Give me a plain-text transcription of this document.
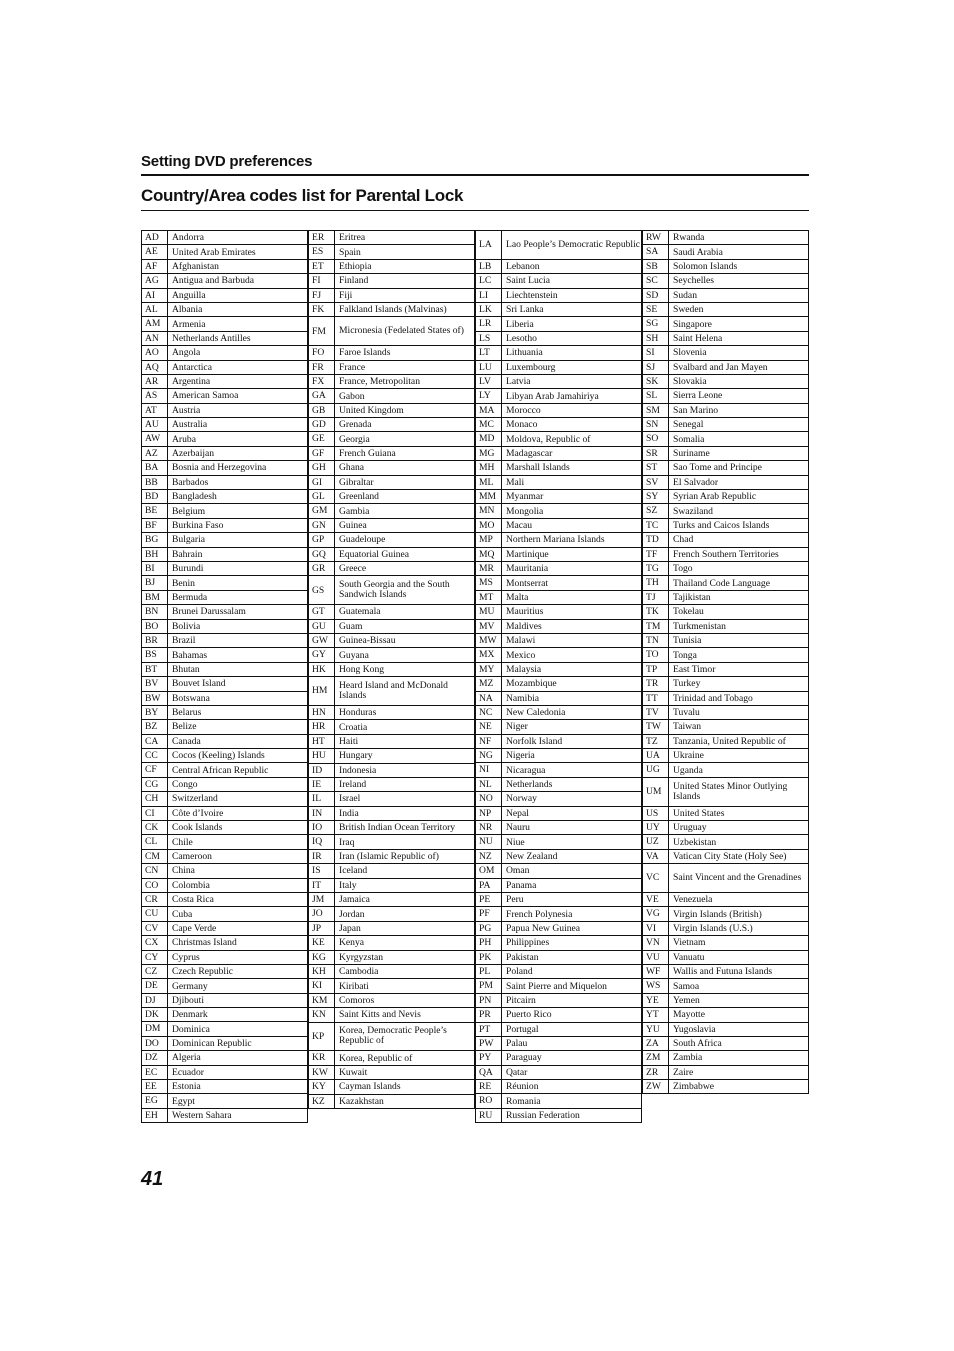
Setting DVD preferences
Country/Area codes list for Parental Lock
AD	Andorra
AE	United Arab Emirates
AF	Afghanistan
AG	Antigua and Barbuda
AI	Anguilla
AL	Albania
AM	Armenia
AN	Netherlands Antilles
AO	Angola
AQ	Antarctica
AR	Argentina
AS	American Samoa
AT	Austria
AU	Australia
AW	Aruba
AZ	Azerbaijan
BA	Bosnia and Herzegovina
BB	Barbados
BD	Bangladesh
BE	Belgium
BF	Burkina Faso
BG	Bulgaria
BH	Bahrain
BI	Burundi
BJ	Benin
BM	Bermuda
BN	Brunei Darussalam
BO	Bolivia
BR	Brazil
BS	Bahamas
BT	Bhutan
BV	Bouvet Island
BW	Botswana
BY	Belarus
BZ	Belize
CA	Canada
CC	Cocos (Keeling) Islands
CF	Central African Republic
CG	Congo
CH	Switzerland
CI	Côte d’Ivoire
CK	Cook Islands
CL	Chile
CM	Cameroon
CN	China
CO	Colombia
CR	Costa Rica
CU	Cuba
CV	Cape Verde
CX	Christmas Island
CY	Cyprus
CZ	Czech Republic
DE	Germany
DJ	Djibouti
DK	Denmark
DM	Dominica
DO	Dominican Republic
DZ	Algeria
EC	Ecuador
EE	Estonia
EG	Egypt
EH	Western Sahara
ER	Eritrea
ES	Spain
ET	Ethiopia
FI	Finland
FJ	Fiji
FK	Falkland Islands (Malvinas)
FM	Micronesia (Fedelated States of)
FO	Faroe Islands
FR	France
FX	France, Metropolitan
GA	Gabon
GB	United Kingdom
GD	Grenada
GE	Georgia
GF	French Guiana
GH	Ghana
GI	Gibraltar
GL	Greenland
GM	Gambia
GN	Guinea
GP	Guadeloupe
GQ	Equatorial Guinea
GR	Greece
GS	South Georgia and the South Sandwich Islands
GT	Guatemala
GU	Guam
GW	Guinea-Bissau
GY	Guyana
HK	Hong Kong
HM	Heard Island and McDonald Islands
HN	Honduras
HR	Croatia
HT	Haiti
HU	Hungary
ID	Indonesia
IE	Ireland
IL	Israel
IN	India
IO	British Indian Ocean Territory
IQ	Iraq
IR	Iran (Islamic Republic of)
IS	Iceland
IT	Italy
JM	Jamaica
JO	Jordan
JP	Japan
KE	Kenya
KG	Kyrgyzstan
KH	Cambodia
KI	Kiribati
KM	Comoros
KN	Saint Kitts and Nevis
KP	Korea, Democratic People’s Republic of
KR	Korea, Republic of
KW	Kuwait
KY	Cayman Islands
KZ	Kazakhstan
LA	Lao People’s Democratic Republic
LB	Lebanon
LC	Saint Lucia
LI	Liechtenstein
LK	Sri Lanka
LR	Liberia
LS	Lesotho
LT	Lithuania
LU	Luxembourg
LV	Latvia
LY	Libyan Arab Jamahiriya
MA	Morocco
MC	Monaco
MD	Moldova, Republic of
MG	Madagascar
MH	Marshall Islands
ML	Mali
MM	Myanmar
MN	Mongolia
MO	Macau
MP	Northern Mariana Islands
MQ	Martinique
MR	Mauritania
MS	Montserrat
MT	Malta
MU	Mauritius
MV	Maldives
MW Malawi
MX	Mexico
MY	Malaysia
MZ	Mozambique
NA	Namibia
NC	New Caledonia
NE	Niger
NF	Norfolk Island
NG	Nigeria
NI	Nicaragua
NL	Netherlands
NO	Norway
NP	Nepal
NR	Nauru
NU	Niue
NZ	New Zealand
OM	Oman
PA	Panama
PE	Peru
PF	French Polynesia
PG	Papua New Guinea
PH	Philippines
PK	Pakistan
PL	Poland
PM	Saint Pierre and Miquelon
PN	Pitcairn
PR	Puerto Rico
PT	Portugal
PW	Palau
PY	Paraguay
QA	Qatar
RE	Réunion
RO	Romania
RU	Russian Federation
RW	Rwanda
SA	Saudi Arabia
SB	Solomon Islands
SC	Seychelles
SD	Sudan
SE	Sweden
SG	Singapore
SH	Saint Helena
SI	Slovenia
SJ	Svalbard and Jan Mayen
SK	Slovakia
SL	Sierra Leone
SM	San Marino
SN	Senegal
SO	Somalia
SR	Suriname
ST	Sao Tome and Principe
SV	El Salvador
SY	Syrian Arab Republic
SZ	Swaziland
TC	Turks and Caicos Islands
TD	Chad
TF	French Southern Territories
TG	Togo
TH	Thailand Code Language
TJ	Tajikistan
TK	Tokelau
TM	Turkmenistan
TN	Tunisia
TO	Tonga
TP	East Timor
TR	Turkey
TT	Trinidad and Tobago
TV	Tuvalu
TW	Taiwan
TZ	Tanzania, United Republic of
UA	Ukraine
UG	Uganda
UM	United States Minor Outlying Islands
US	United States
UY	Uruguay
UZ	Uzbekistan
VA	Vatican City State (Holy See)
VC	Saint Vincent and the Grenadines
VE	Venezuela
VG	Virgin Islands (British)
VI	Virgin Islands (U.S.)
VN	Vietnam
VU	Vanuatu
WF	Wallis and Futuna Islands
WS	Samoa
YE	Yemen
YT	Mayotte
YU	Yugoslavia
ZA	South Africa
ZM	Zambia
ZR	Zaire
ZW	Zimbabwe
41
